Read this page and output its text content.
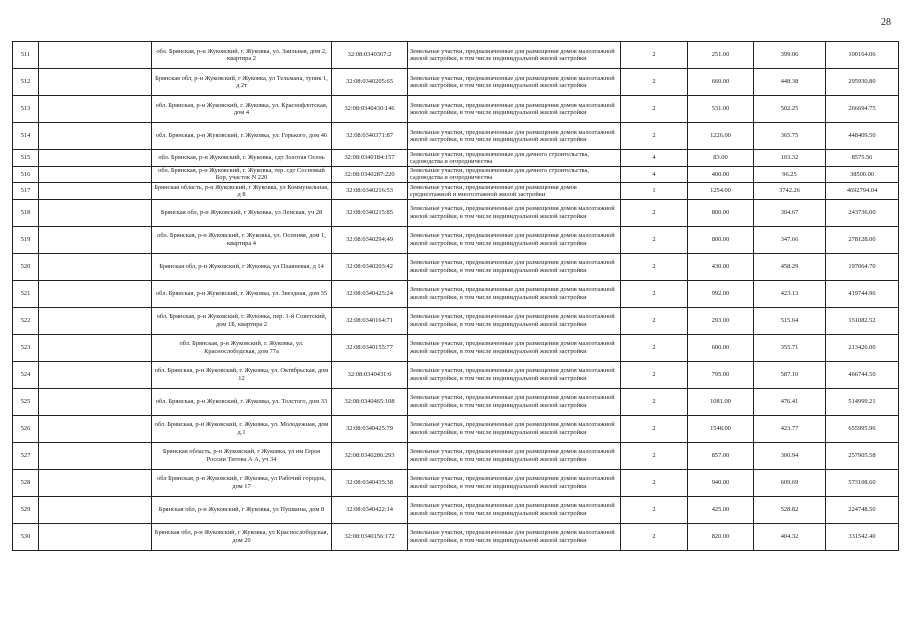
28
511		обл. Брянская, р-н Жуковский, г. Жуковка, ул. Заильная, дом 2, квартира 2	32:08:0340367:2	Земельные участки, предназначенные для размещения домов малоэтажной жилой застройки, в том числе индивидуальной жилой застройки	2	251.00	399.06	100164.06
512		Брянская обл, р-н Жуковский, г Жуковка, ул Тельмана, тупик 1, д 2т	32:08:0340205:65	Земельные участки, предназначенные для размещения домов малоэтажной жилой застройки, в том числе индивидуальной жилой застройки	2	660.00	448.38	295930.80
513		обл. Брянская, р-н Жуковский, г. Жуковка, ул. Краснофлотская, дом 4	32:08:0340430:146	Земельные участки, предназначенные для размещения домов малоэтажной жилой застройки, в том числе индивидуальной жилой застройки	2	531.00	502.25	266694.75
514		обл. Брянская, р-н Жуковский, г. Жуковка, ул. Горького, дом 46	32:08:0340371:87	Земельные участки, предназначенные для размещения домов малоэтажной жилой застройки, в том числе индивидуальной жилой застройки	2	1226.00	365.75	448409.50
515		обл. Брянская, р-н Жуковский, г. Жуковка, сдт Золотая Осень	32:08:0340184:157	Земельные участки, предназначенные для дачного строительства, садоводства и огородничества	4	83.00	103.32	8575.56
516		обл. Брянская, р-н Жуковский, г. Жуковка, тер. сдт Сосновый Бор, участок N 220	32:08:0340287:220	Земельные участки, предназначенные для дачного строительства, садоводства и огородничества	4	400.00	96.25	38500.00
517		Брянская область, р-н Жуковский, г Жуковка, ул Коммунальная, д 8	32:08:0340216:53	Земельные участки, предназначенные для размещения домов среднеэтажной и многоэтажной жилой застройки	1	1254.00	3742.26	4692794.04
518		Брянская обл, р-н Жуковский, г Жуковка, ул Ленская, уч 28	32:08:0340215:85	Земельные участки, предназначенные для размещения домов малоэтажной жилой застройки, в том числе индивидуальной жилой застройки	2	800.00	304.67	243736.00
519		обл. Брянская, р-н Жуковский, г. Жуковка, ул. Осенняя, дом 1, квартира 4	32:08:0340294:49	Земельные участки, предназначенные для размещения домов малоэтажной жилой застройки, в том числе индивидуальной жилой застройки	2	800.00	347.66	278128.00
520		Брянская обл, р-н Жуковский, г Жуковка, ул Плавневая, д 14	32:08:0340203:42	Земельные участки, предназначенные для размещения домов малоэтажной жилой застройки, в том числе индивидуальной жилой застройки	2	430.00	458.29	197064.70
521		обл. Брянская, р-н Жуковский, г. Жуковка, ул. Звездная, дом 35	32:08:0340425:24	Земельные участки, предназначенные для размещения домов малоэтажной жилой застройки, в том числе индивидуальной жилой застройки	2	992.00	423.13	419744.96
522		обл. Брянская, р-н Жуковский, г. Жуковка, пер. 1-й Советский, дом 1Б, квартира 2	32:08:0340164:71	Земельные участки, предназначенные для размещения домов малоэтажной жилой застройки, в том числе индивидуальной жилой застройки	2	293.00	515.64	151082.52
523		обл. Брянская, р-н Жуковский, г. Жуковка, ул. Краснослободская, дом 77а	32:08:0340155:77	Земельные участки, предназначенные для размещения домов малоэтажной жилой застройки, в том числе индивидуальной жилой застройки	2	600.00	355.71	213426.00
524		обл. Брянская, р-н Жуковский, г. Жуковка, ул. Октябрьская, дом 12	32:08:0340431:6	Земельные участки, предназначенные для размещения домов малоэтажной жилой застройки, в том числе индивидуальной жилой застройки	2	795.00	587.10	466744.50
525		обл. Брянская, р-н Жуковский, г. Жуковка, ул. Толстого, дом 33	32:08:0340465:108	Земельные участки, предназначенные для размещения домов малоэтажной жилой застройки, в том числе индивидуальной жилой застройки	2	1081.00	476.41	514999.21
526		обл. Брянская, р-н Жуковский, г. Жуковка, ул. Молодежная, дом д.1	32:08:0340425:79	Земельные участки, предназначенные для размещения домов малоэтажной жилой застройки, в том числе индивидуальной жилой застройки	2	1548.00	423.77	655995.96
527		Брянская область, р-н Жуковский, г Жуковка, ул им Героя России Титова А А, уч 34	32:08:0340286:293	Земельные участки, предназначенные для размещения домов малоэтажной жилой застройки, в том числе индивидуальной жилой застройки	2	857.00	300.94	257905.58
528		обл Брянская, р-н Жуковский, г Жуковка, ул Рабочий городок, дом 17	32:08:0340435:38	Земельные участки, предназначенные для размещения домов малоэтажной жилой застройки, в том числе индивидуальной жилой застройки	2	940.00	609.69	573108.60
529		Брянская обл, р-н Жуковский, г Жуковка, ул Пушкина, дом 8	32:08:0340422:14	Земельные участки, предназначенные для размещения домов малоэтажной жилой застройки, в том числе индивидуальной жилой застройки	2	425.00	528.82	224748.50
530		Брянская обл, р-н Жуковский, г Жуковка, ул Краснослободская, дом 20	32:08:0340156:172	Земельные участки, предназначенные для размещения домов малоэтажной жилой застройки, в том числе индивидуальной жилой застройки	2	820.00	404.32	331542.40
